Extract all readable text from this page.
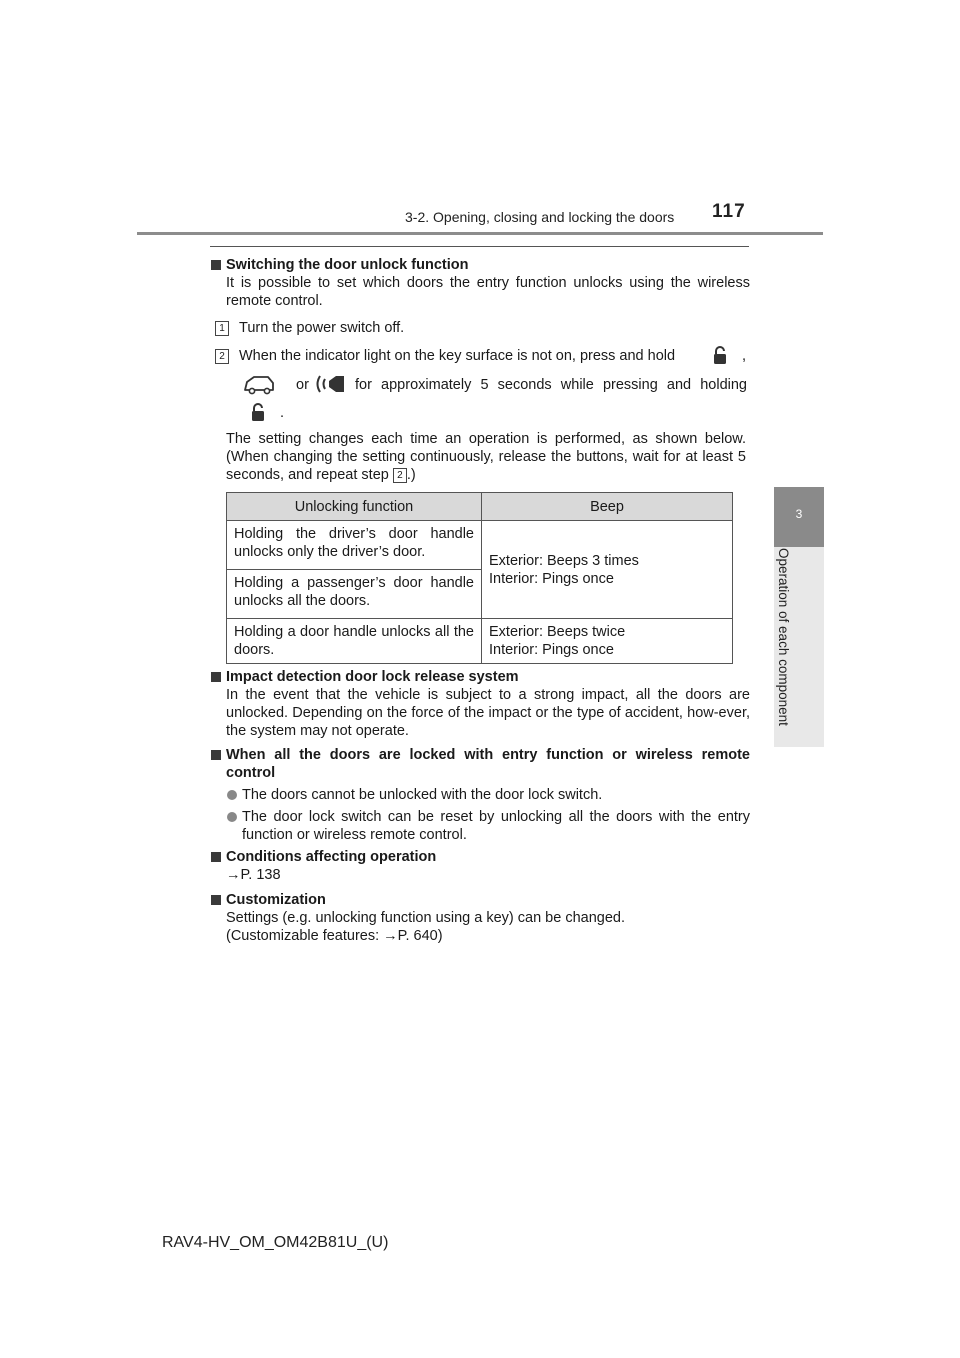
3-2. Opening, closing and locking the doors 117
3
Operation of each component
Switching the door unlock function
It is possible to set which doors the entry function unlocks using the wireless remote control.
1 Turn the power switch off.
2 When the indicator light on the key surface is not on, press and hold	,
or	for approximately 5 seconds while pressing and holding
.
The setting changes each time an operation is performed, as shown below. (When changing the setting continuously, release the buttons, wait for at least 5 seconds, and repeat step 2 .)
Unlocking function	Beep
Holding the driver’s door handle unlocks only the driver’s door.	Exterior: Beeps 3 times
Interior: Pings once

Holding a passenger’s door handle unlocks all the doors.	
Holding a door handle unlocks all the doors.	Exterior: Beeps twice
Interior: Pings once
Impact detection door lock release system
In the event that the vehicle is subject to a strong impact, all the doors are unlocked. Depending on the force of the impact or the type of accident, how-ever, the system may not operate.
When all the doors are locked with entry function or wireless remote control
The doors cannot be unlocked with the door lock switch.
The door lock switch can be reset by unlocking all the doors with the entry function or wireless remote control.
Conditions affecting operation
→P. 138
Customization
Settings (e.g. unlocking function using a key) can be changed.
(Customizable features: →P. 640)
RAV4-HV_OM_OM42B81U_(U)
